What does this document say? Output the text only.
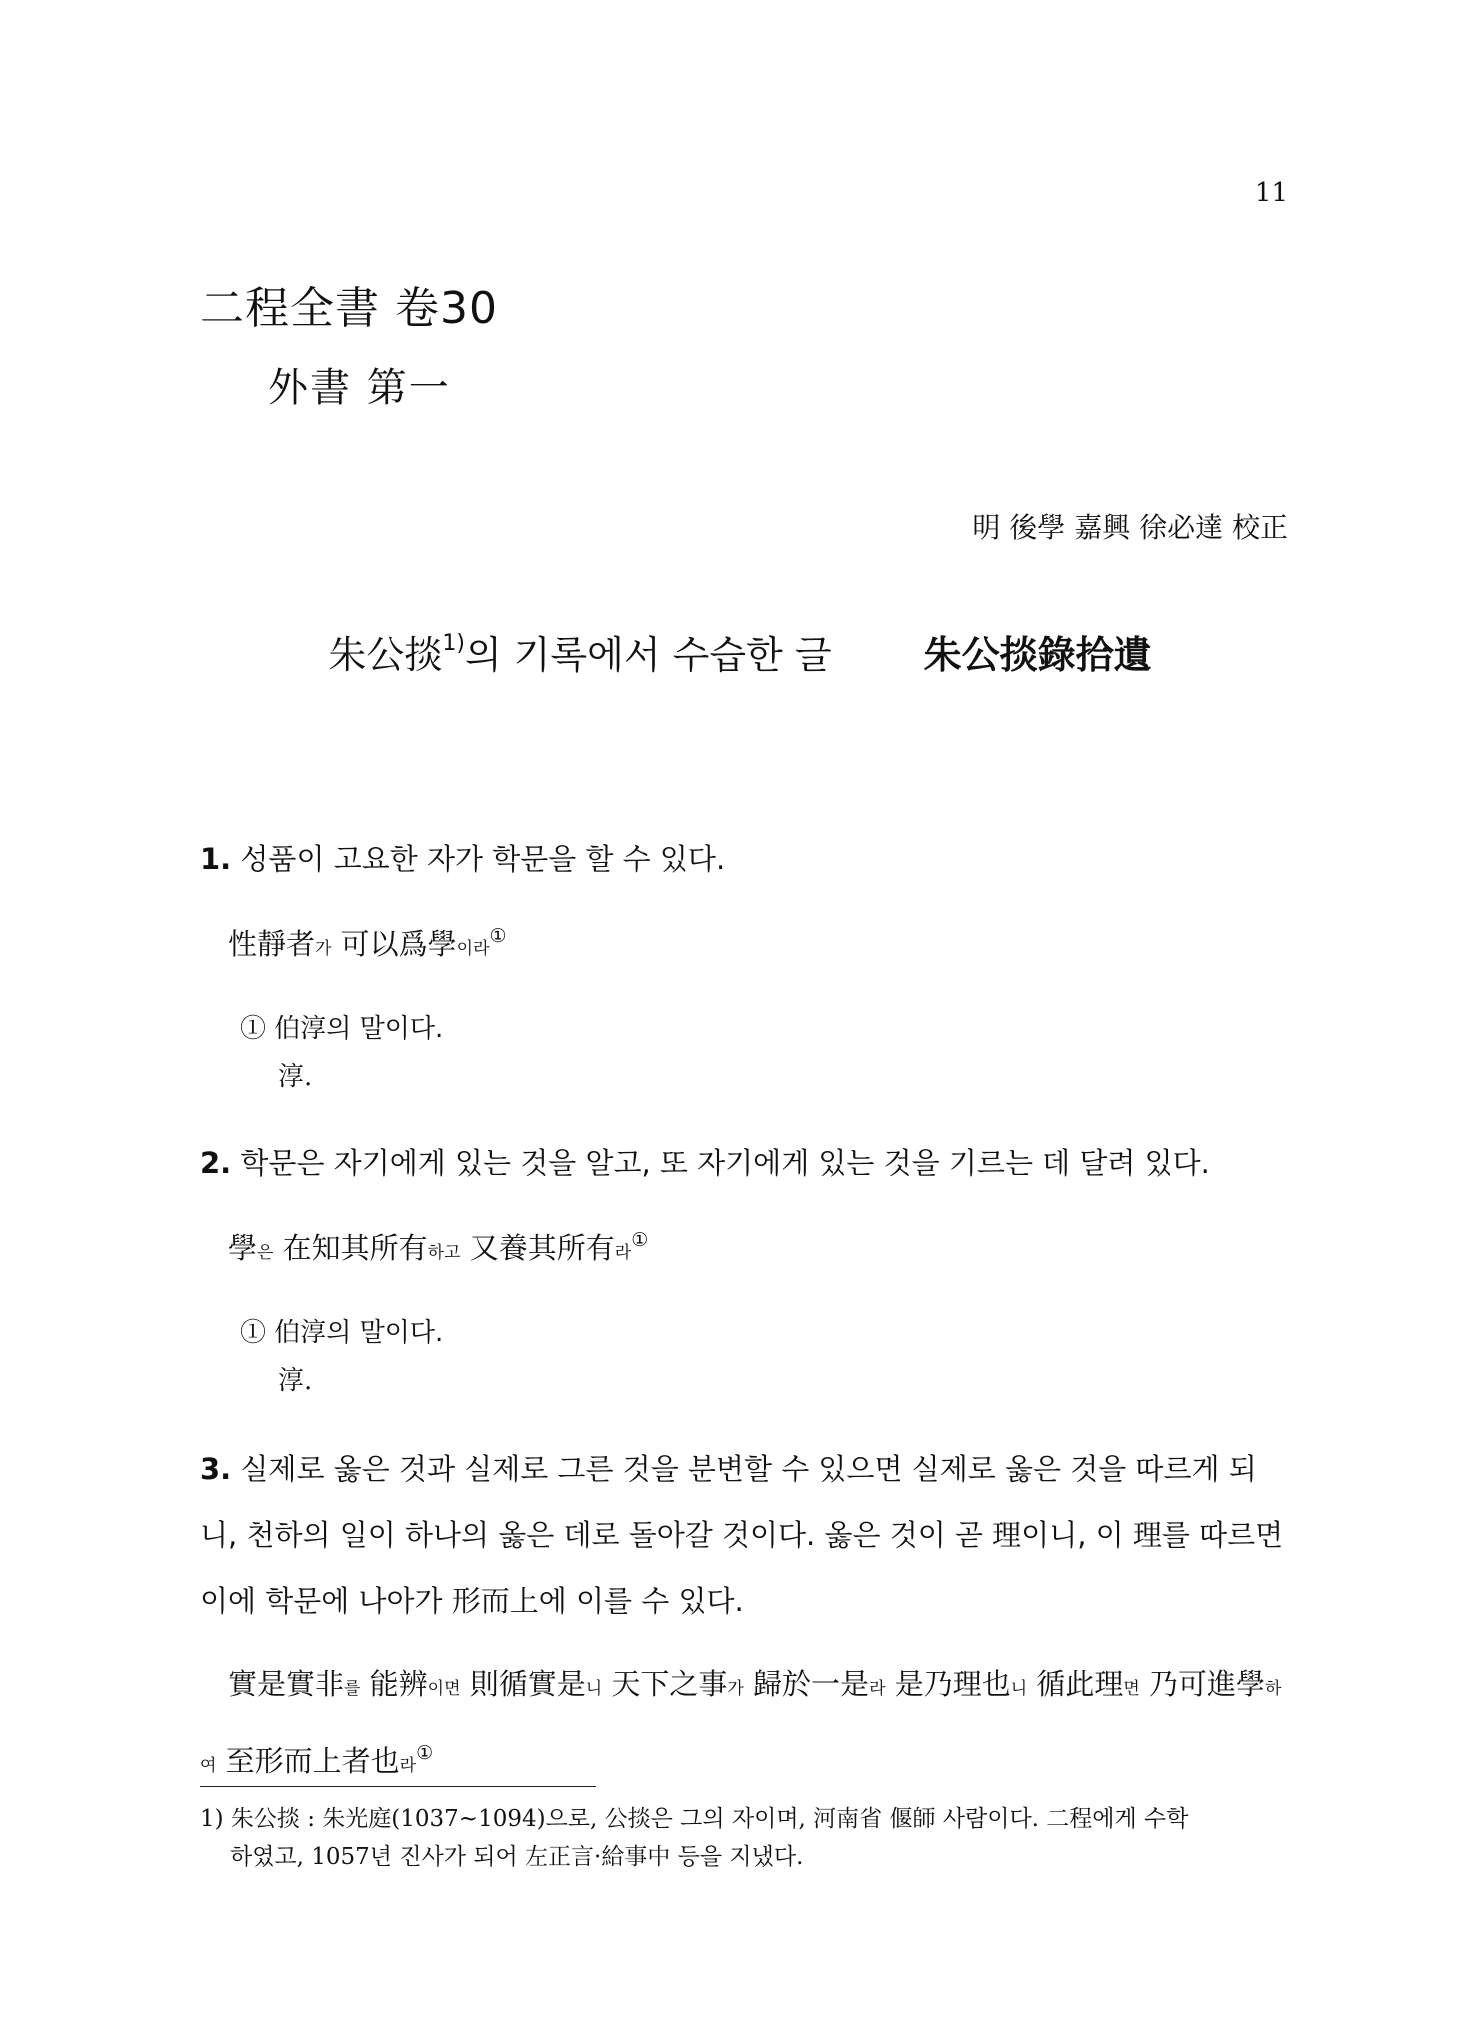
11
二程全書 卷30
外書 第一
明 後學 嘉興 徐必達 校正
朱公掞$^{1)}$의 기록에서 수습한 글 朱公掞錄拾遺
1. 성품이 고요한 자가 학문을 할 수 있다.
性靜者가 可以爲學이라①
① 伯淳의 말이다.
淳.
2. 학문은 자기에게 있는 것을 알고, 또 자기에게 있는 것을 기르는 데 달려 있다.
學은 在知其所有하고 又養其所有라①
① 伯淳의 말이다.
淳.
3. 실제로 옳은 것과 실제로 그른 것을 분변할 수 있으면 실제로 옳은 것을 따르게 되니, 천하의 일이 하나의 옳은 데로 돌아갈 것이다. 옳은 것이 곧 理이니, 이 理를 따르면 이에 학문에 나아가 形而上에 이를 수 있다.
實是實非를 能辨이면 則循實是니 天下之事가 歸於一是라 是乃理也니 循此理면 乃可進學하여 至形而上者也라①
1) 朱公掞 : 朱光庭(1037~1094)으로, 公掞은 그의 자이며, 河南省 偃師 사람이다. 二程에게 수학
하였고, 1057년 진사가 되어 左正言·給事中 등을 지냈다.
